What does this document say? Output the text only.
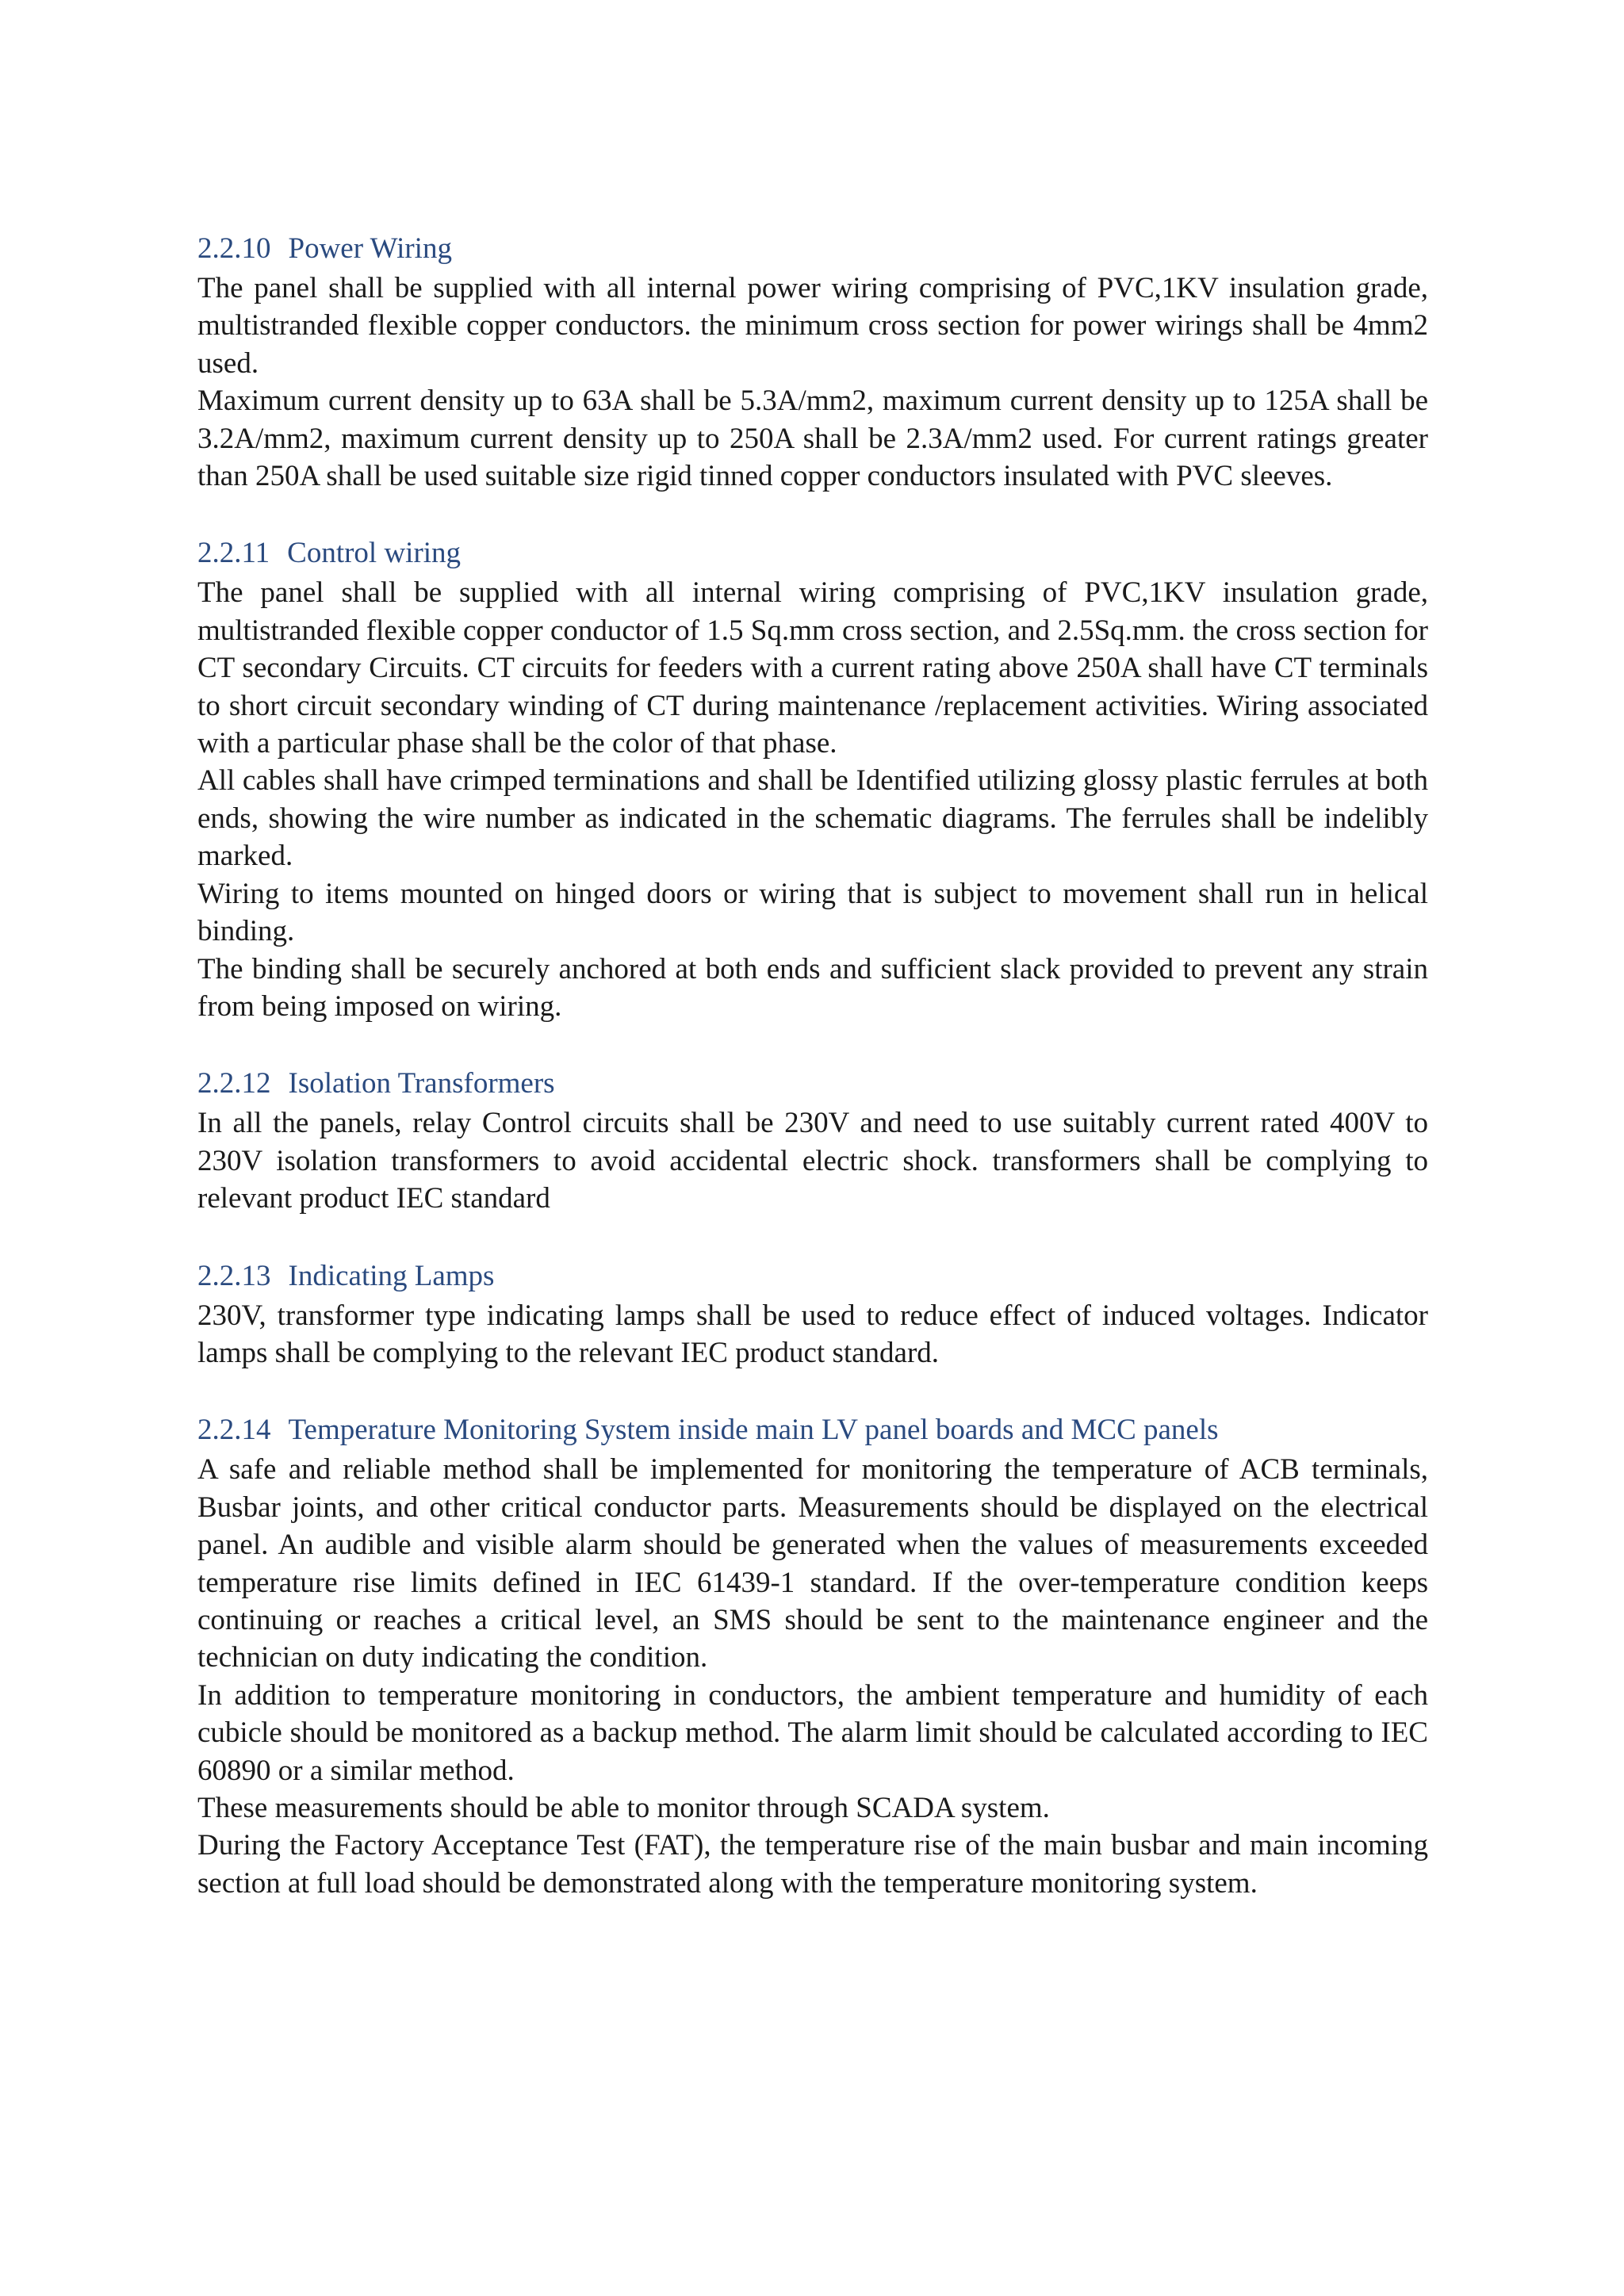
2.2.10 Power Wiring

The panel shall be supplied with all internal power wiring comprising of PVC,1KV insulation grade, multistranded flexible copper conductors. the minimum cross section for power wirings shall be 4mm2 used.

Maximum current density up to 63A shall be 5.3A/mm2, maximum current density up to 125A shall be 3.2A/mm2, maximum current density up to 250A shall be 2.3A/mm2 used. For current ratings greater than 250A shall be used suitable size rigid tinned copper conductors insulated with PVC sleeves.

2.2.11 Control wiring

The panel shall be supplied with all internal wiring comprising of PVC,1KV insulation grade, multistranded flexible copper conductor of 1.5 Sq.mm cross section, and 2.5Sq.mm. the cross section for CT secondary Circuits. CT circuits for feeders with a current rating above 250A shall have CT terminals to short circuit secondary winding of CT during maintenance /replacement activities. Wiring associated with a particular phase shall be the color of that phase.

All cables shall have crimped terminations and shall be Identified utilizing glossy plastic ferrules at both ends, showing the wire number as indicated in the schematic diagrams. The ferrules shall be indelibly marked.

Wiring to items mounted on hinged doors or wiring that is subject to movement shall run in helical binding.

The binding shall be securely anchored at both ends and sufficient slack provided to prevent any strain from being imposed on wiring.

2.2.12 Isolation Transformers

In all the panels, relay Control circuits shall be 230V and need to use suitably current rated 400V to 230V isolation transformers to avoid accidental electric shock. transformers shall be complying to relevant product IEC standard

2.2.13 Indicating Lamps

230V, transformer type indicating lamps shall be used to reduce effect of induced voltages. Indicator lamps shall be complying to the relevant IEC product standard.

2.2.14 Temperature Monitoring System inside main LV panel boards and MCC panels

A safe and reliable method shall be implemented for monitoring the temperature of ACB terminals, Busbar joints, and other critical conductor parts. Measurements should be displayed on the electrical panel. An audible and visible alarm should be generated when the values of measurements exceeded temperature rise limits defined in IEC 61439-1 standard. If the over-temperature condition keeps continuing or reaches a critical level, an SMS should be sent to the maintenance engineer and the technician on duty indicating the condition.

In addition to temperature monitoring in conductors, the ambient temperature and humidity of each cubicle should be monitored as a backup method. The alarm limit should be calculated according to IEC 60890 or a similar method.

These measurements should be able to monitor through SCADA system.

During the Factory Acceptance Test (FAT), the temperature rise of the main busbar and main incoming section at full load should be demonstrated along with the temperature monitoring system.
